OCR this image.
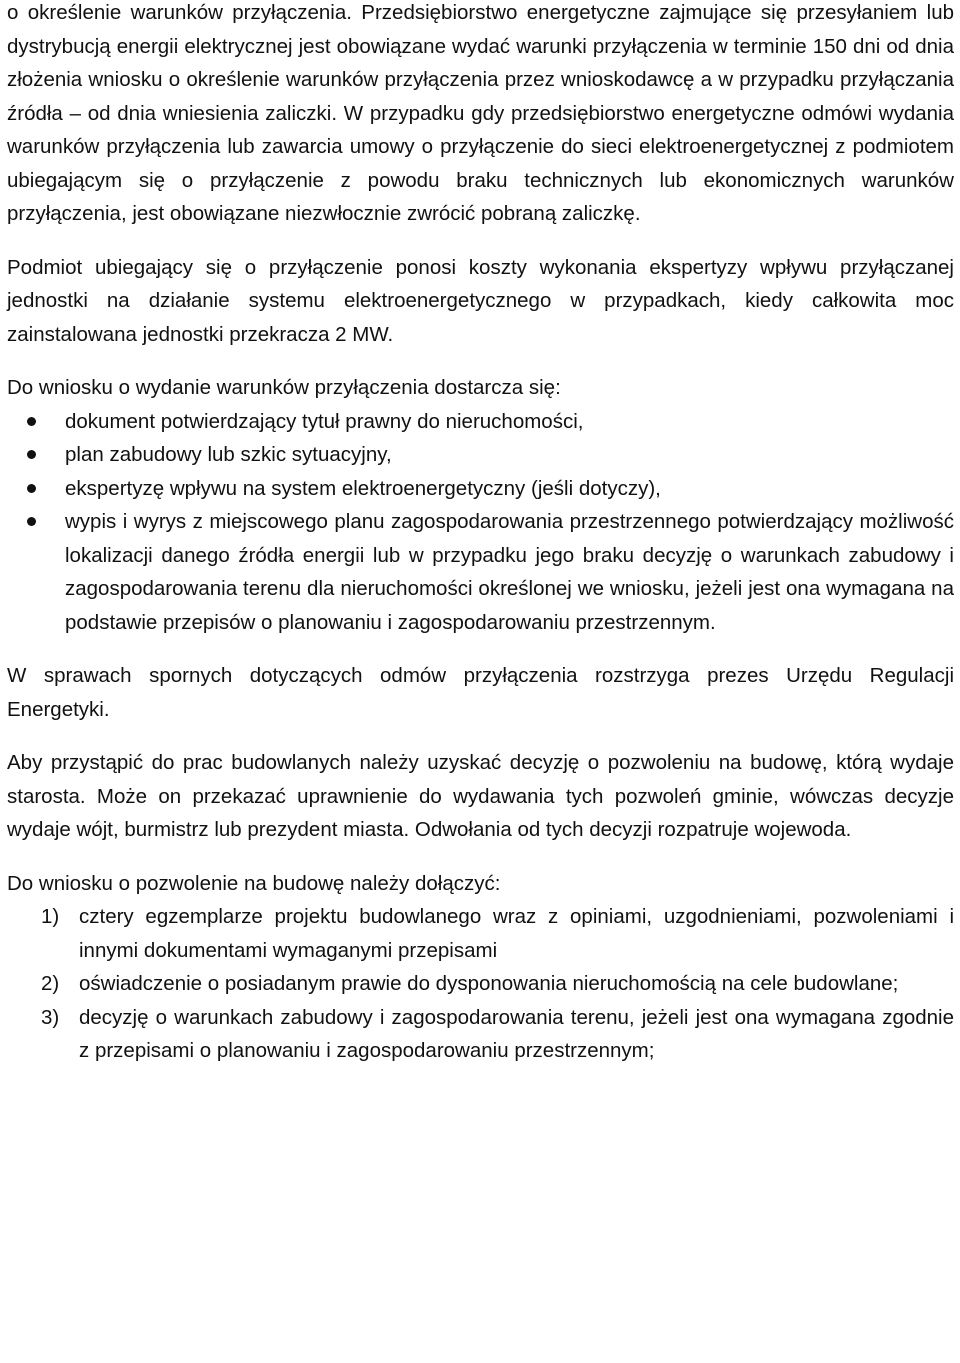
o określenie warunków przyłączenia. Przedsiębiorstwo energetyczne zajmujące się przesyłaniem lub dystrybucją energii elektrycznej jest obowiązane wydać warunki przyłączenia w terminie 150 dni od dnia złożenia wniosku o określenie warunków przyłączenia przez wnioskodawcę a w przypadku przyłączania źródła – od dnia wniesienia zaliczki. W przypadku gdy przedsiębiorstwo energetyczne odmówi wydania warunków przyłączenia lub zawarcia umowy o przyłączenie do sieci elektroenergetycznej z podmiotem ubiegającym się o przyłączenie z powodu braku technicznych lub ekonomicznych warunków przyłączenia, jest obowiązane niezwłocznie zwrócić pobraną zaliczkę.

Podmiot ubiegający się o przyłączenie ponosi koszty wykonania ekspertyzy wpływu przyłączanej jednostki na działanie systemu elektroenergetycznego w przypadkach, kiedy całkowita moc zainstalowana jednostki przekracza 2 MW.

Do wniosku o wydanie warunków przyłączenia dostarcza się:

dokument potwierdzający tytuł prawny do nieruchomości,
plan zabudowy lub szkic sytuacyjny,
ekspertyzę wpływu na system elektroenergetyczny (jeśli dotyczy),
wypis i wyrys z miejscowego planu zagospodarowania przestrzennego potwierdzający możliwość lokalizacji danego źródła energii lub w przypadku jego braku decyzję o warunkach zabudowy i zagospodarowania terenu dla nieruchomości określonej we wniosku, jeżeli jest ona wymagana na podstawie przepisów o planowaniu i zagospodarowaniu przestrzennym.

W sprawach spornych dotyczących odmów przyłączenia rozstrzyga prezes Urzędu Regulacji Energetyki.

Aby przystąpić do prac budowlanych należy uzyskać decyzję o pozwoleniu na budowę, którą wydaje starosta. Może on przekazać uprawnienie do wydawania tych pozwoleń gminie, wówczas decyzje wydaje wójt, burmistrz lub prezydent miasta. Odwołania od tych decyzji rozpatruje wojewoda.

Do wniosku o pozwolenie na budowę należy dołączyć:

1) cztery egzemplarze projektu budowlanego wraz z opiniami, uzgodnieniami, pozwoleniami i innymi dokumentami wymaganymi przepisami
2) oświadczenie o posiadanym prawie do dysponowania nieruchomością na cele budowlane;
3) decyzję o warunkach zabudowy i zagospodarowania terenu, jeżeli jest ona wymagana zgodnie z przepisami o planowaniu i zagospodarowaniu przestrzennym;
